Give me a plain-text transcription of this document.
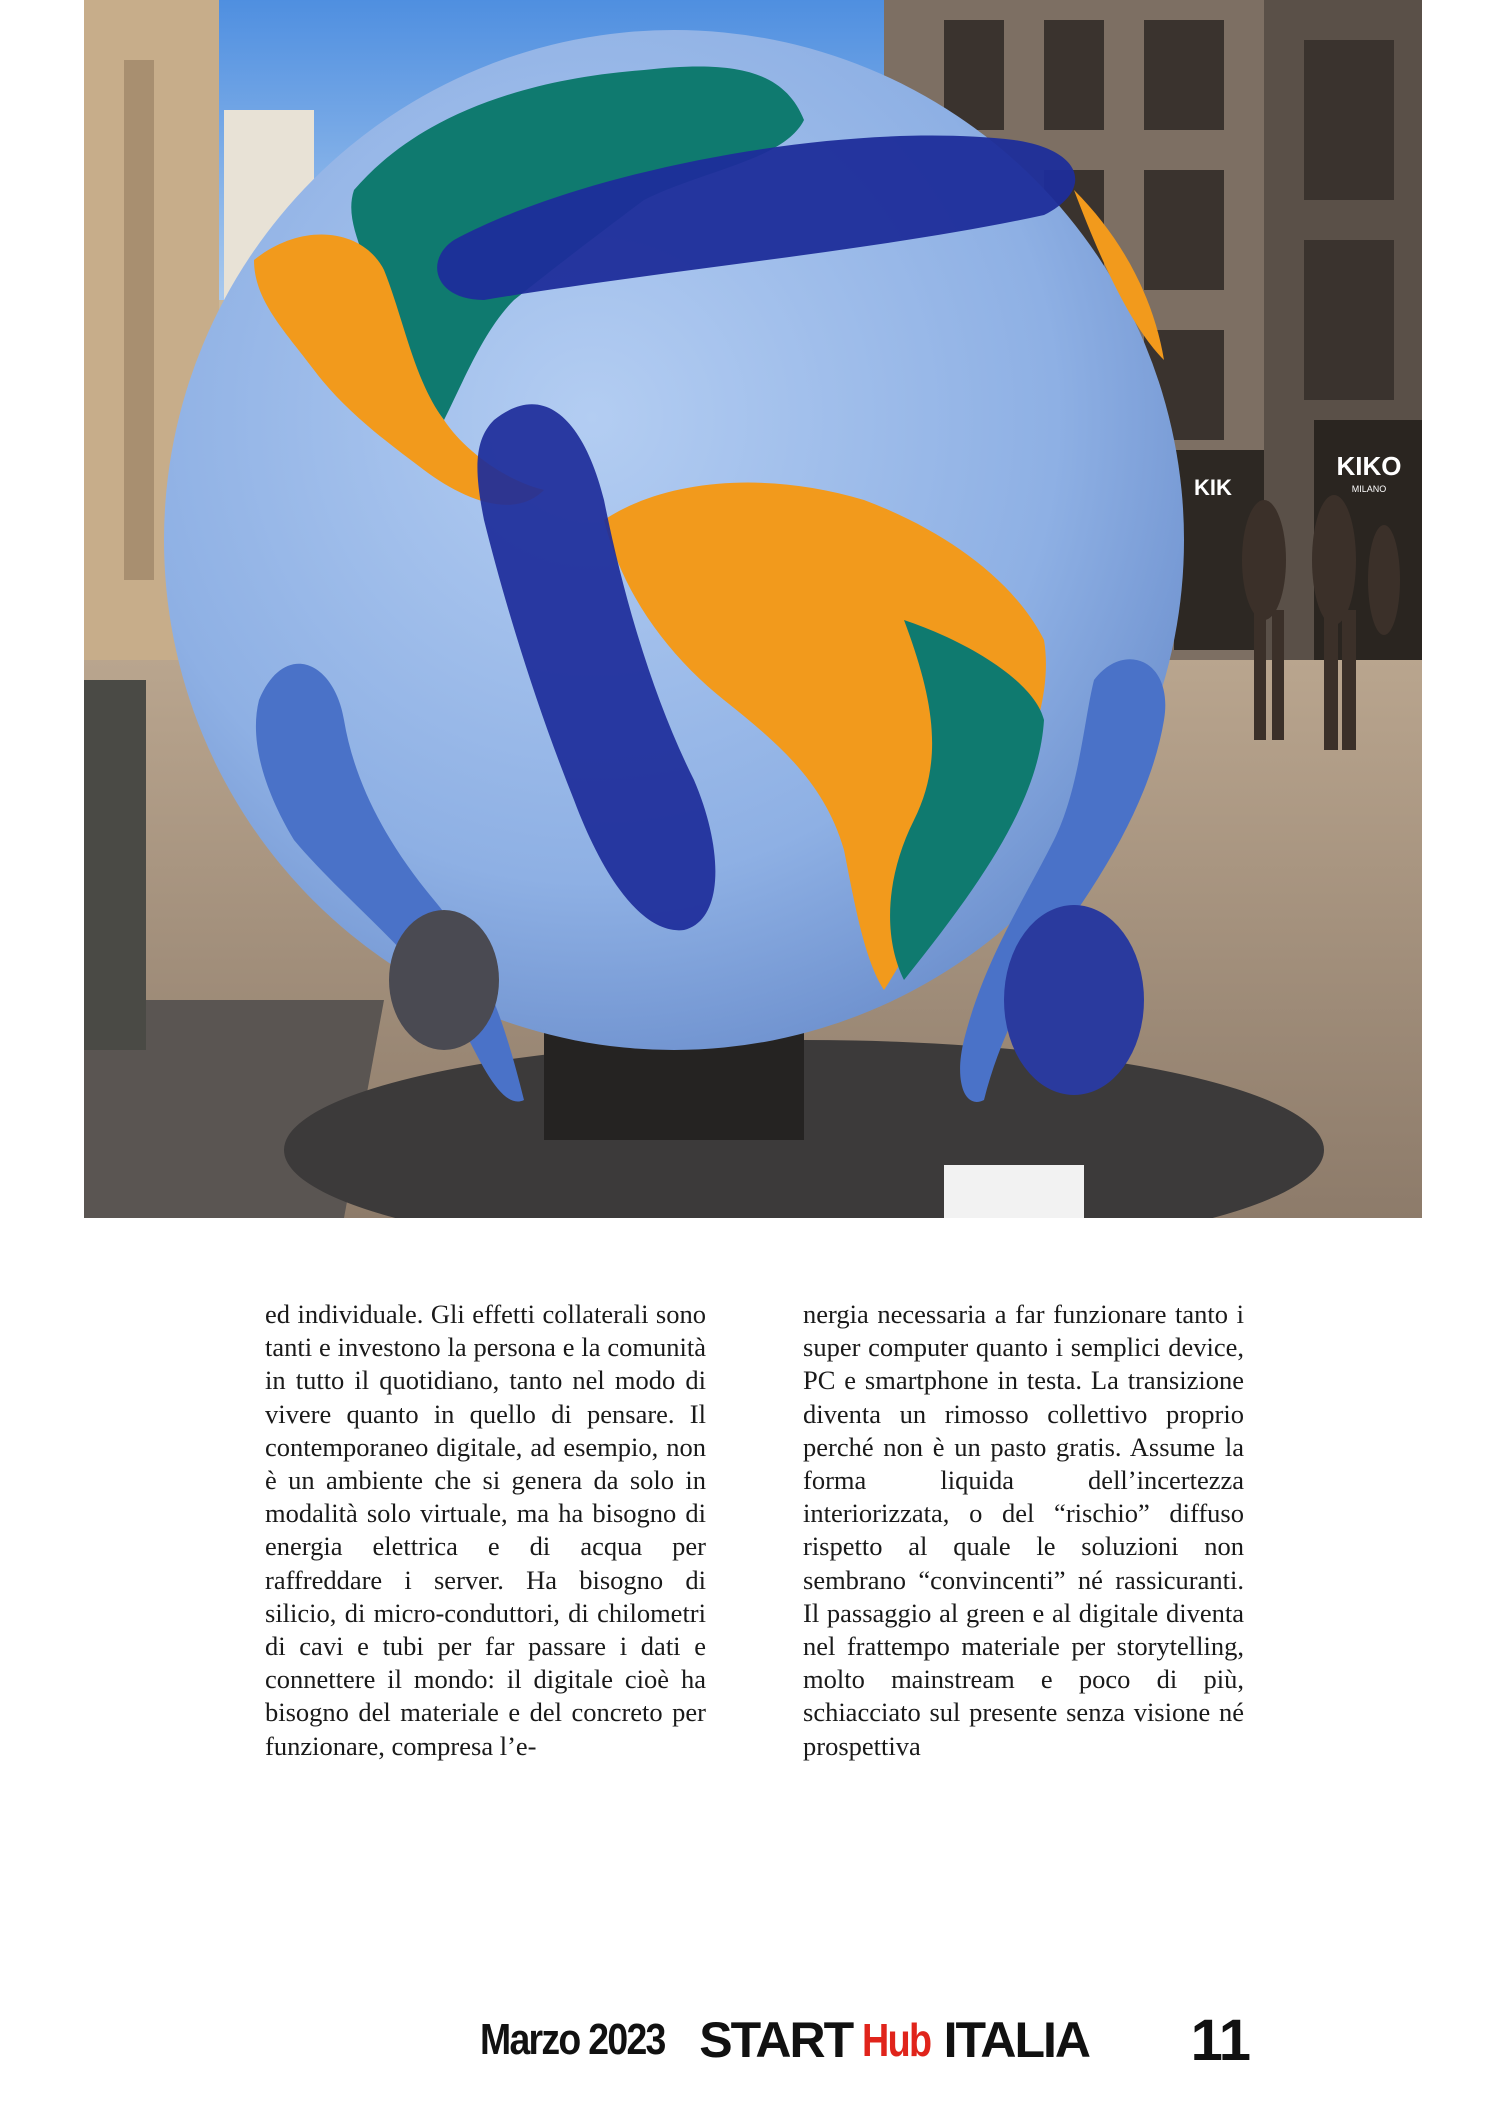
KIKO
MILANO
KIK

ed individuale. Gli effetti collaterali sono tanti e investono la persona e la comunità in tutto il quotidiano, tanto nel modo di vivere quanto in quello di pensare. Il contemporaneo digitale, ad esempio, non è un ambiente che si genera da solo in modalità solo virtuale, ma ha bisogno di energia elettrica e di acqua per raffreddare i server. Ha bisogno di silicio, di micro-conduttori, di chilometri di cavi e tubi per far passare i dati e connettere il mondo: il digitale cioè ha bisogno del materiale e del concreto per funzionare, compresa l’e-

nergia necessaria a far funzionare tanto i super computer quanto i semplici device, PC e smartphone in testa. La transizione diventa un rimosso collettivo proprio perché non è un pasto gratis. Assume la forma liquida dell’incertezza interiorizzata, o del “rischio” diffuso rispetto al quale le soluzioni non sembrano “convincenti” né rassicuranti. Il passaggio al green e al digitale diventa nel frattempo materiale per storytelling, molto mainstream e poco di più, schiacciato sul presente senza visione né prospettiva

Marzo 2023 START Hub ITALIA 11
